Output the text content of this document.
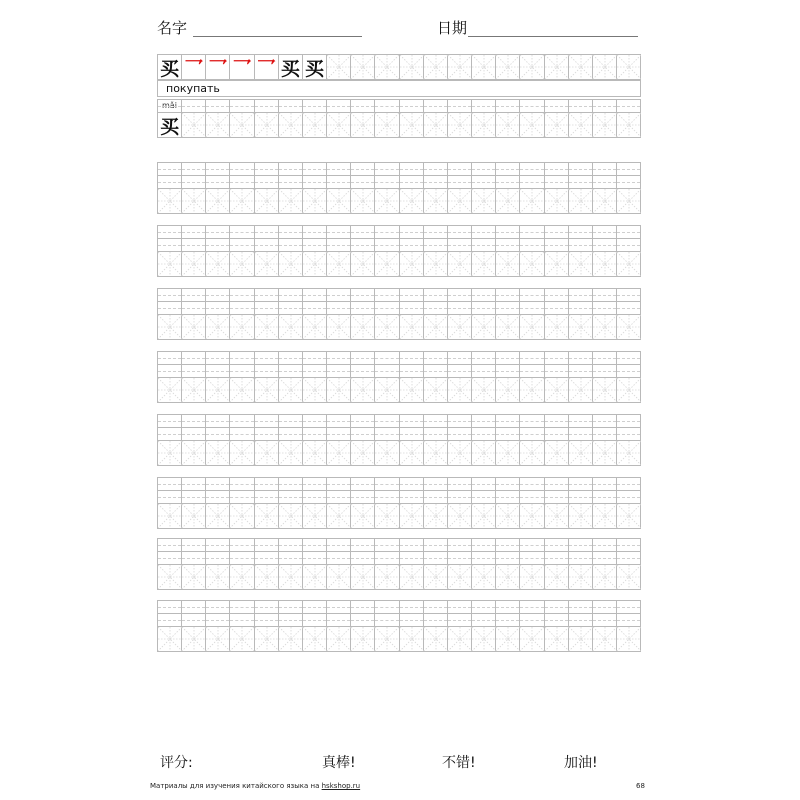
名字	日期
买 乛 乛 乛 乛 买 买
покупать
mǎi
买
评分:	真棒!	不错!	加油!
Матриалы для изучения китайского языка на hskshop.ru	68
